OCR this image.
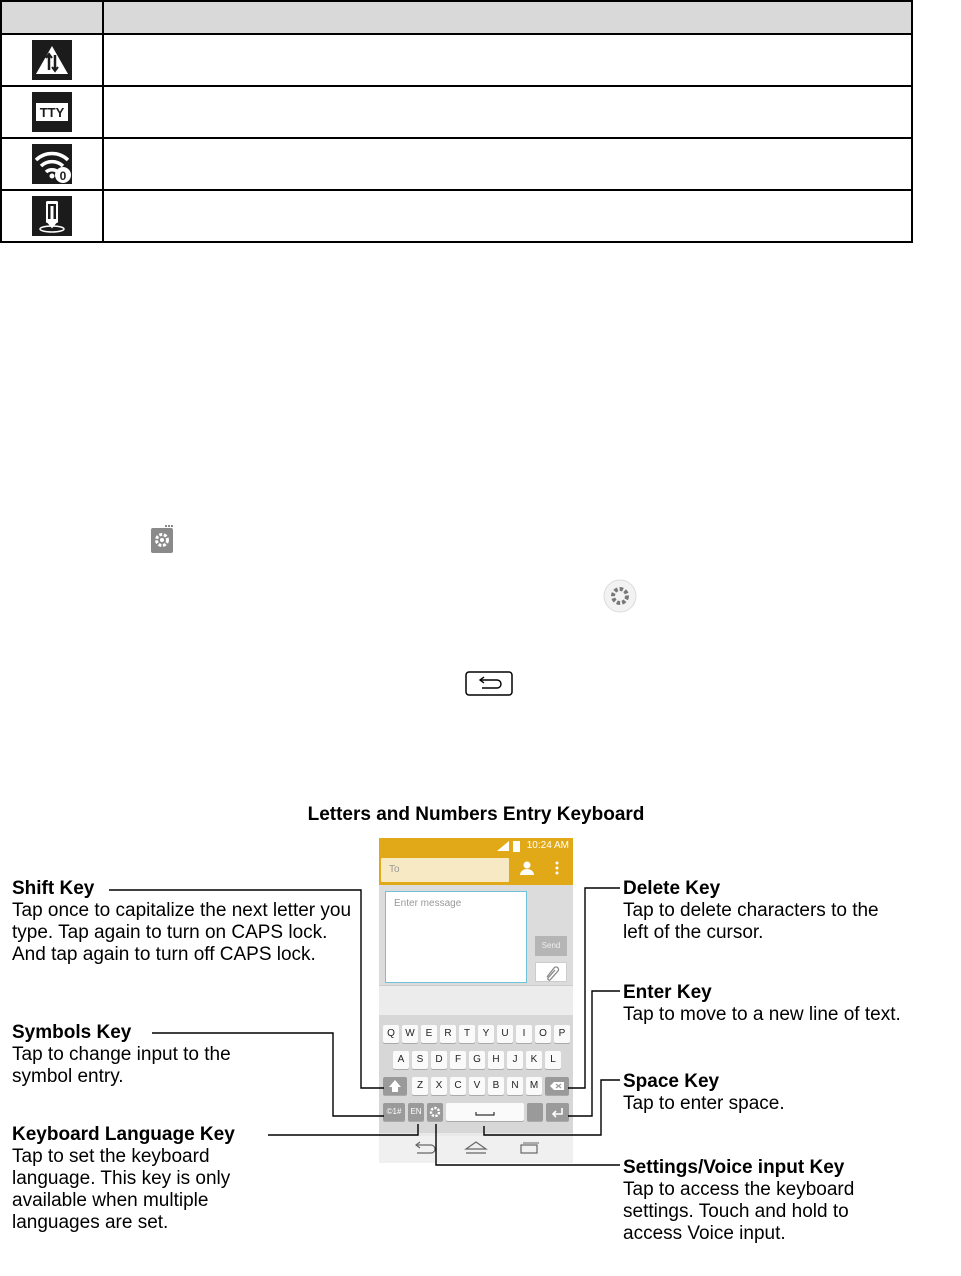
TTY	

0	

Letters and Numbers Entry Keyboard
10:24 AM
To
Enter message
Send
Q	W	E	R	T	Y	U	I	O	P
A	S	D	F	G	H	J	K	L
Z	X	C	V	B	N	M
©1#	EN
Shift Key
Tap once to capitalize the next letter you type. Tap again to turn on CAPS lock. And tap again to turn off CAPS lock.
Symbols Key
Tap to change input to the symbol entry.
Keyboard Language Key
Tap to set the keyboard language. This key is only available when multiple languages are set.
Delete Key
Tap to delete characters to the left of the cursor.
Enter Key
Tap to move to a new line of text.
Space Key
Tap to enter space.
Settings/Voice input Key
Tap to access the keyboard settings. Touch and hold to access Voice input.
